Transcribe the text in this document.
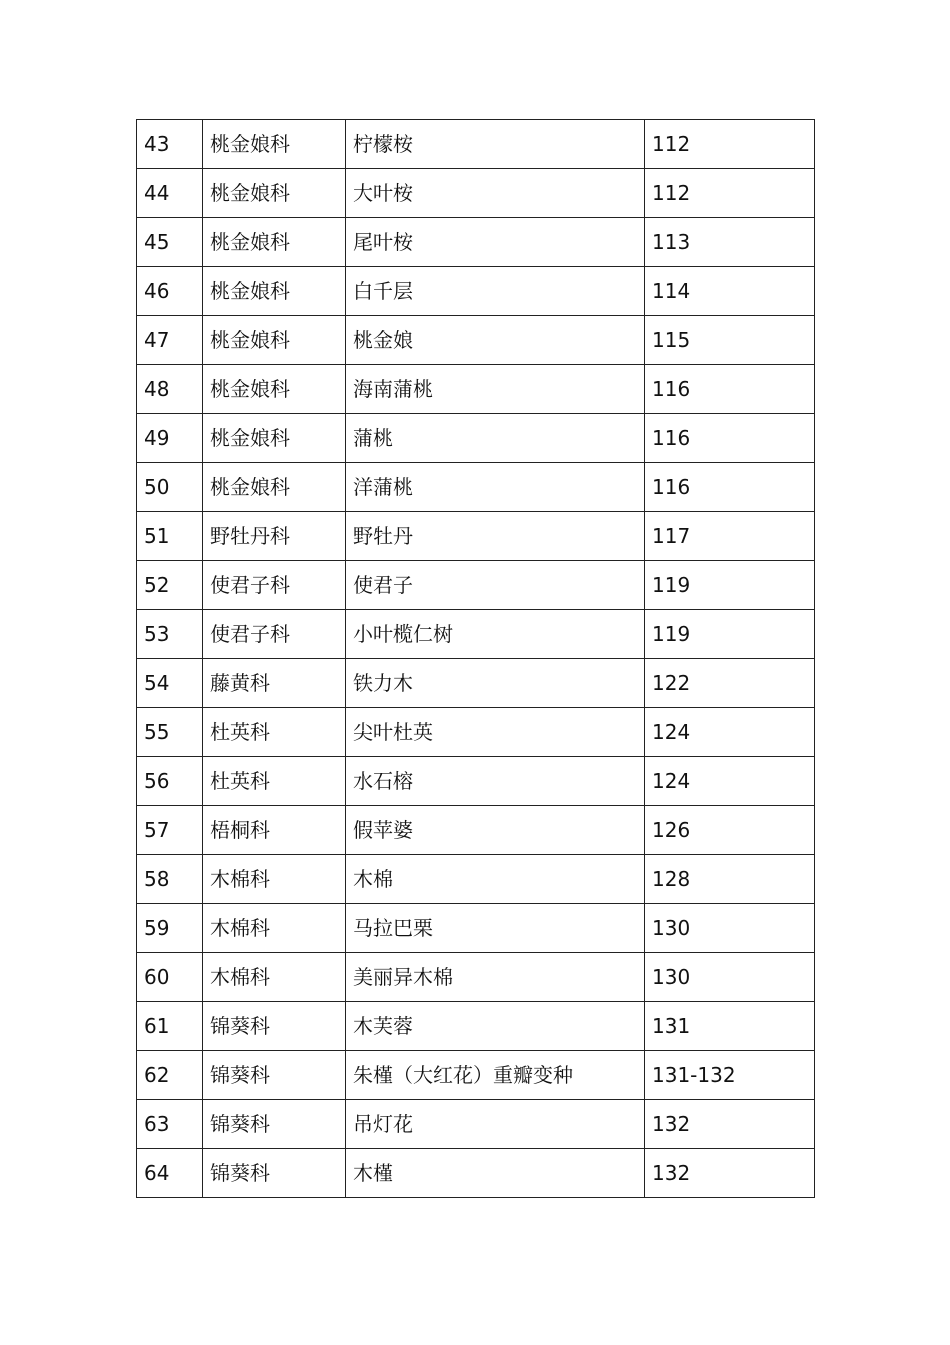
43	桃金娘科	柠檬桉	112
44	桃金娘科	大叶桉	112
45	桃金娘科	尾叶桉	113
46	桃金娘科	白千层	114
47	桃金娘科	桃金娘	115
48	桃金娘科	海南蒲桃	116
49	桃金娘科	蒲桃	116
50	桃金娘科	洋蒲桃	116
51	野牡丹科	野牡丹	117
52	使君子科	使君子	119
53	使君子科	小叶榄仁树	119
54	藤黄科	铁力木	122
55	杜英科	尖叶杜英	124
56	杜英科	水石榕	124
57	梧桐科	假苹婆	126
58	木棉科	木棉	128
59	木棉科	马拉巴栗	130
60	木棉科	美丽异木棉	130
61	锦葵科	木芙蓉	131
62	锦葵科	朱槿（大红花）重瓣变种	131-132
63	锦葵科	吊灯花	132
64	锦葵科	木槿	132
